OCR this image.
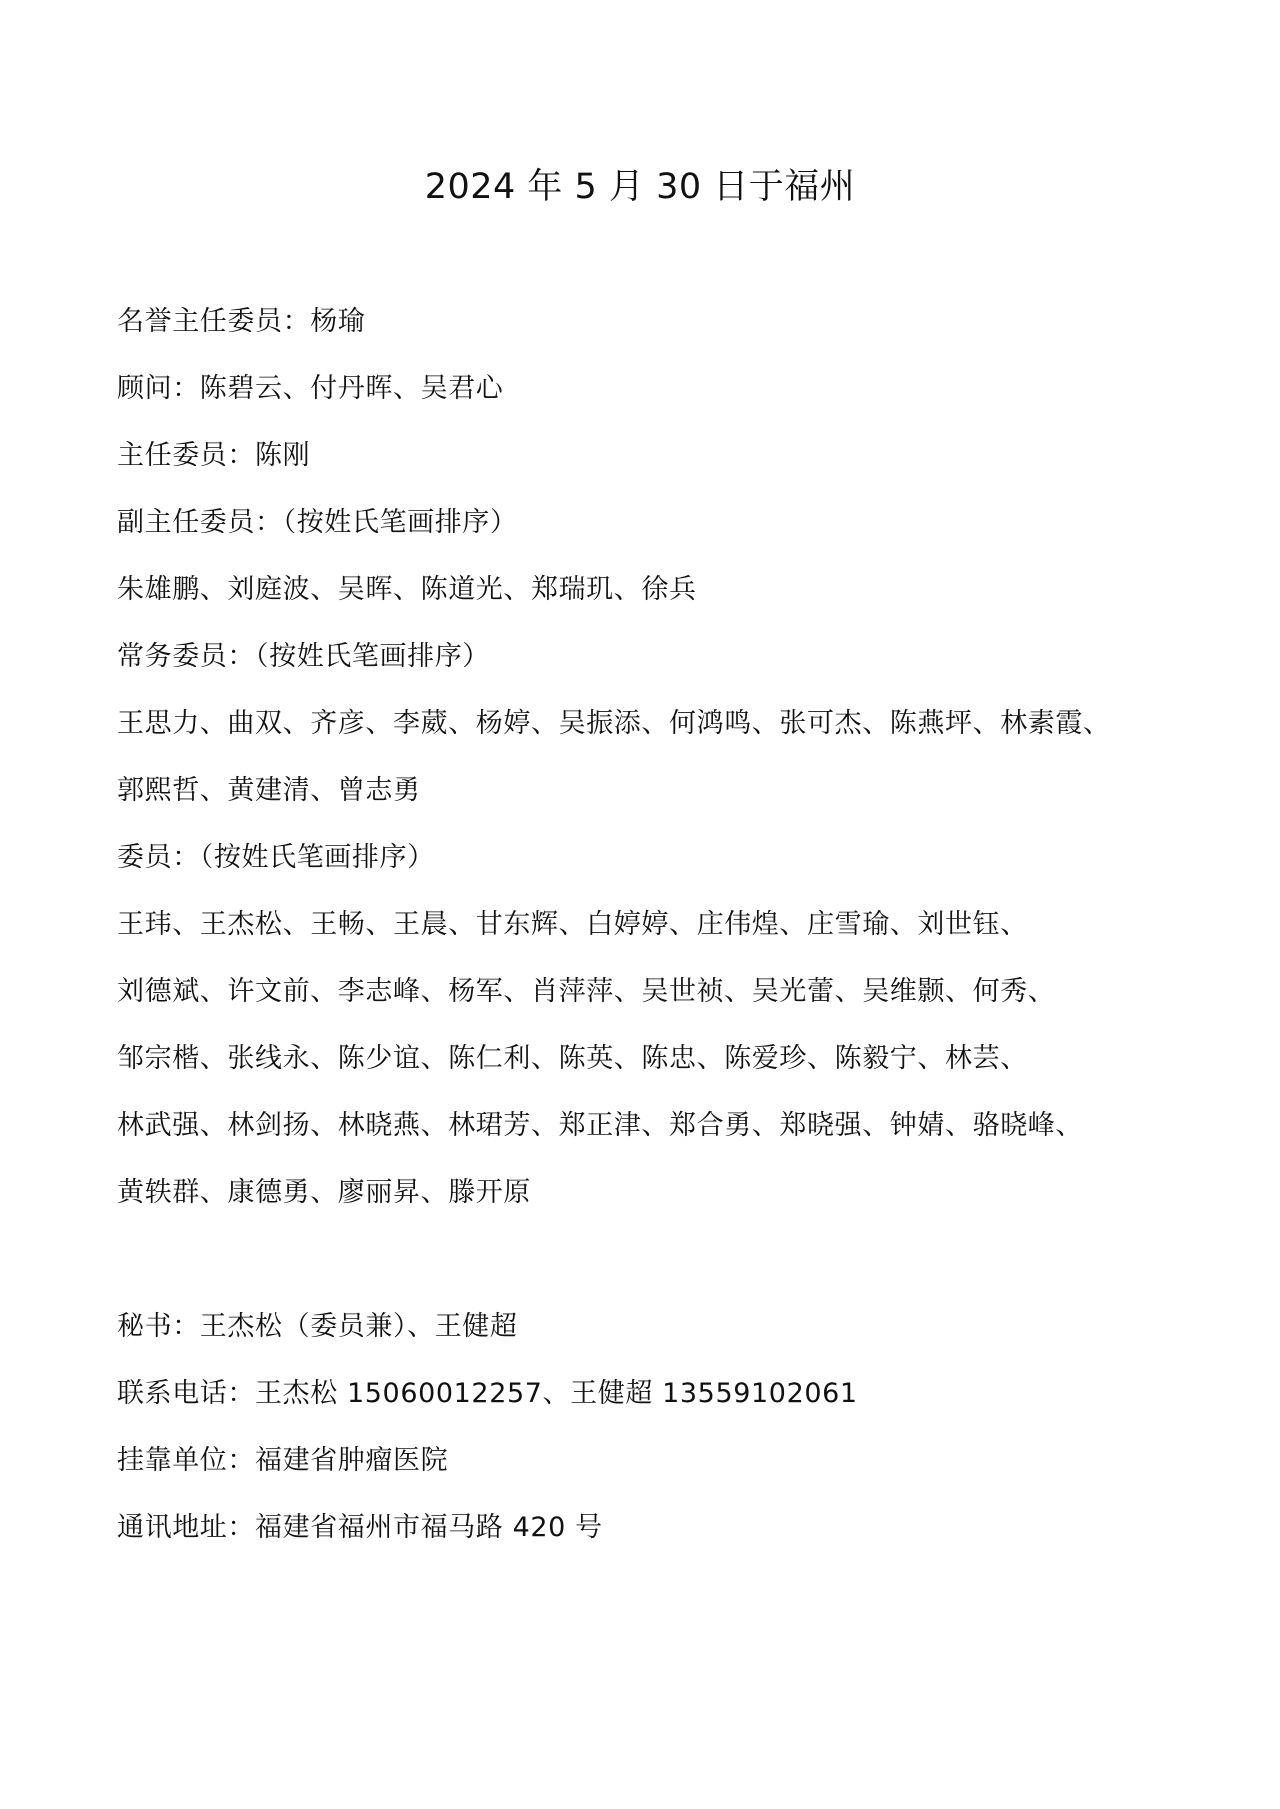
2024 年 5 月 30 日于福州
名誉主任委员：杨瑜
顾问：陈碧云、付丹晖、吴君心
主任委员：陈刚
副主任委员：（按姓氏笔画排序）
朱雄鹏、刘庭波、吴晖、陈道光、郑瑞玑、徐兵
常务委员：（按姓氏笔画排序）
王思力、曲双、齐彦、李葳、杨婷、吴振添、何鸿鸣、张可杰、陈燕坪、林素霞、
郭熙哲、黄建清、曾志勇
委员：（按姓氏笔画排序）
王玮、王杰松、王畅、王晨、甘东辉、白婷婷、庄伟煌、庄雪瑜、刘世钰、
刘德斌、许文前、李志峰、杨军、肖萍萍、吴世祯、吴光蕾、吴维颢、何秀、
邹宗楷、张线永、陈少谊、陈仁利、陈英、陈忠、陈爱珍、陈毅宁、林芸、
林武强、林剑扬、林晓燕、林珺芳、郑正津、郑合勇、郑晓强、钟婧、骆晓峰、
黄轶群、康德勇、廖丽昇、滕开原
秘书：王杰松（委员兼）、王健超
联系电话：王杰松 15060012257、王健超 13559102061
挂靠单位：福建省肿瘤医院
通讯地址：福建省福州市福马路 420 号
